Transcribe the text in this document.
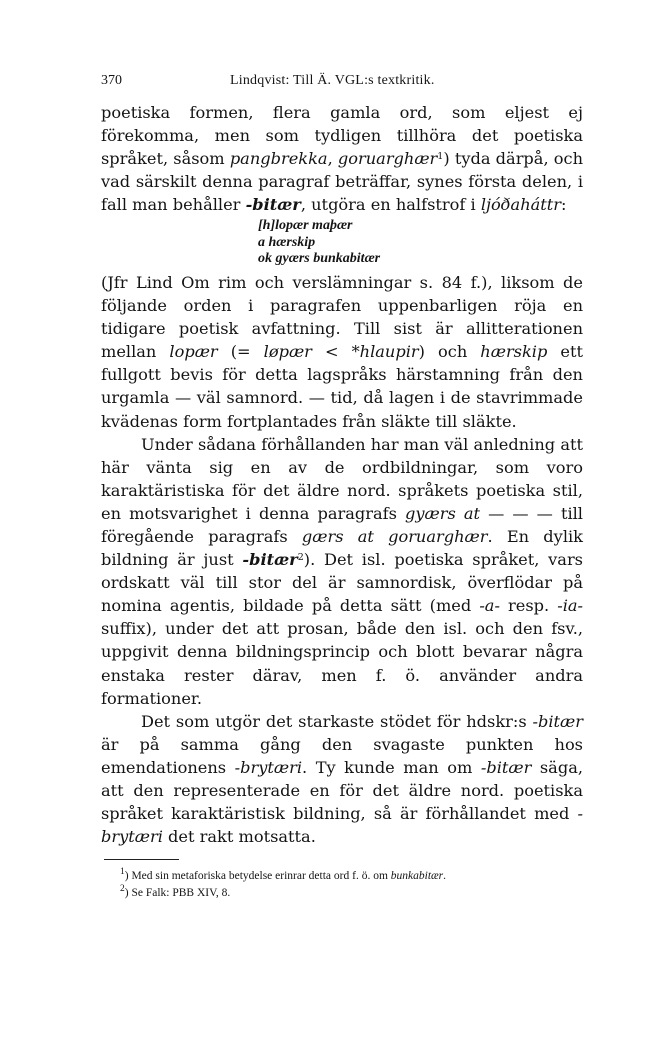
370	Lindqvist: Till Ä. VGL:s textkritik.

poetiska formen, flera gamla ord, som eljest ej förekomma, men som tydligen tillhöra det poetiska språket, såsom pangbrekka, goruarghær$^1$) tyda därpå, och vad särskilt denna paragraf beträffar, synes första delen, i fall man behåller -bitær, utgöra en halfstrof i ljóðaháttr:

[h]lopær maþær
a hærskip
ok gyærs bunkabitær

(Jfr Lind Om rim och verslämningar s. 84 f.), liksom de följande orden i paragrafen uppenbarligen röja en tidigare poetisk avfattning. Till sist är allitterationen mellan lopær (= løpær < *hlaupir) och hærskip ett fullgott bevis för detta lagspråks härstamning från den urgamla — väl samnord. — tid, då lagen i de stavrimmade kvädenas form fortplantades från släkte till släkte.

Under sådana förhållanden har man väl anledning att här vänta sig en av de ordbildningar, som voro karaktäristiska för det äldre nord. språkets poetiska stil, en motsvarighet i denna paragrafs gyærs at — — — till föregående paragrafs gærs at goruarghær. En dylik bildning är just -bitær$^2$). Det isl. poetiska språket, vars ordskatt väl till stor del är samnordisk, överflödar på nomina agentis, bildade på detta sätt (med -a- resp. -ia-suffix), under det att prosan, både den isl. och den fsv., uppgivit denna bildningsprincip och blott bevarar några enstaka rester därav, men f. ö. använder andra formationer.

Det som utgör det starkaste stödet för hdskr:s -bitær är på samma gång den svagaste punkten hos emendationens -brytæri. Ty kunde man om -bitær säga, att den representerade en för det äldre nord. poetiska språket karaktäristisk bildning, så är förhållandet med -brytæri det rakt motsatta.

$^1$) Med sin metaforiska betydelse erinrar detta ord f. ö. om bunkabitær.

$^2$) Se Falk: PBB XIV, 8.
